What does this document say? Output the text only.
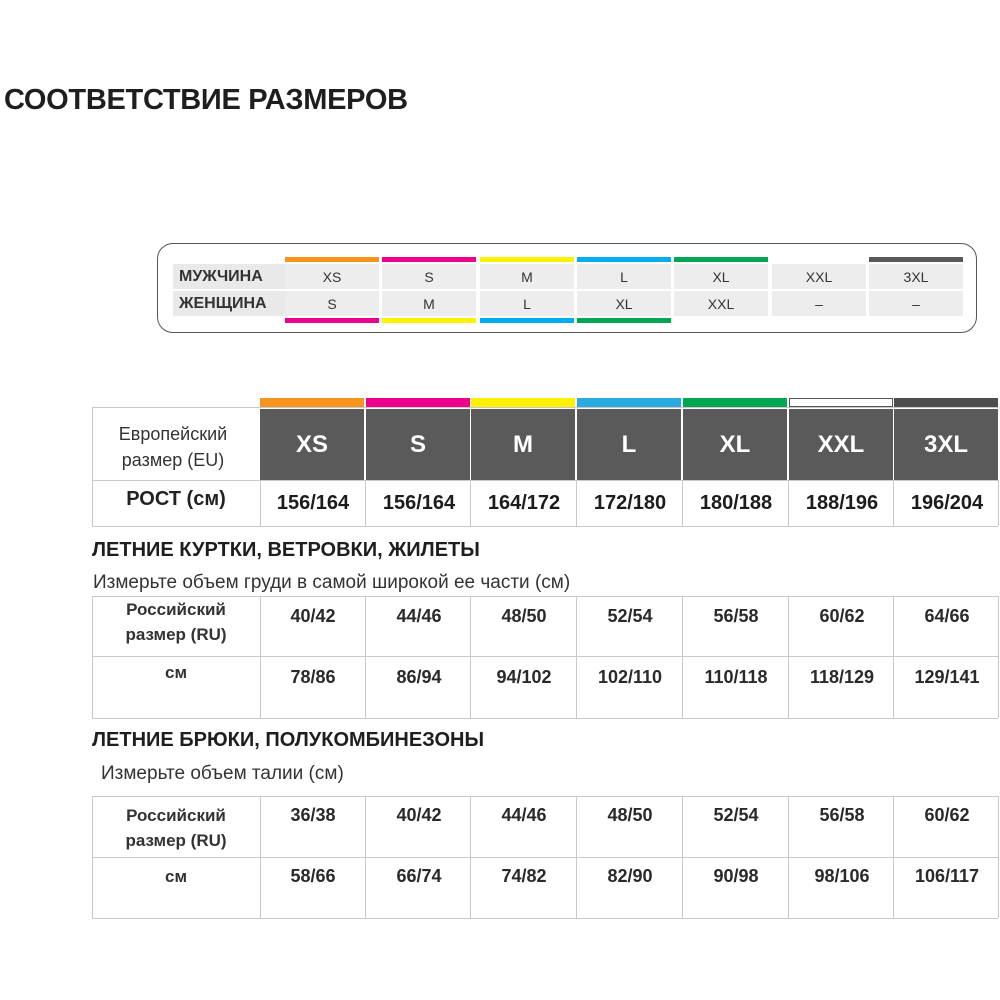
СООТВЕТСТВИЕ РАЗМЕРОВ
МУЖЧИНА
ЖЕНЩИНА
XS
S
S
M
M
L
L
XL
XL
XXL
XXL
–
3XL
–
XS
156/164
40/42
78/86
36/38
58/66
S
156/164
44/46
86/94
40/42
66/74
M
164/172
48/50
94/102
44/46
74/82
L
172/180
52/54
102/110
48/50
82/90
XL
180/188
56/58
110/118
52/54
90/98
XXL
188/196
60/62
118/129
56/58
98/106
3XL
196/204
64/66
129/141
60/62
106/117
Европейский
размер (EU)
РОСТ (см)
ЛЕТНИЕ КУРТКИ, ВЕТРОВКИ, ЖИЛЕТЫ
Измерьте объем груди в самой широкой ее части (см)
Российский
размер (RU)
см
ЛЕТНИЕ БРЮКИ, ПОЛУКОМБИНЕЗОНЫ
Измерьте объем талии (см)
Российский
размер (RU)
см
